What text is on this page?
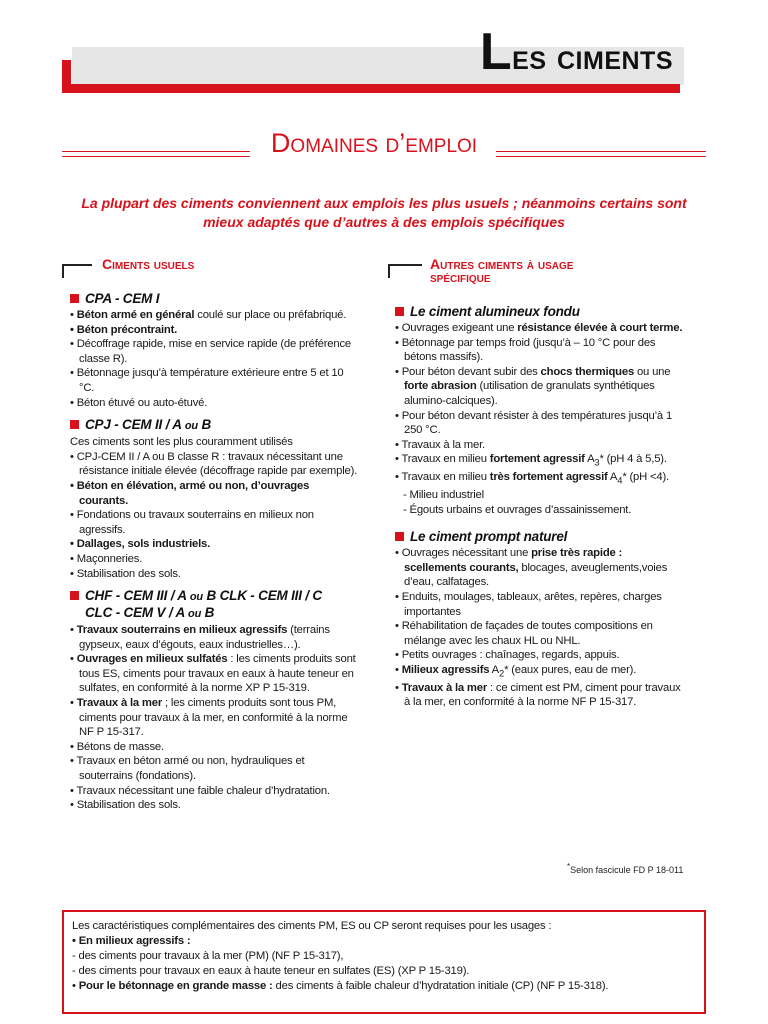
Les ciments
Domaines d’emploi
La plupart des ciments conviennent aux emplois les plus usuels ; néanmoins certains sont mieux adaptés que d’autres à des emplois spécifiques
Ciments usuels	Autres ciments à usage
spécifique
CPA - CEM I
• Béton armé en général coulé sur place ou préfabriqué.
• Béton précontraint.
• Décoffrage rapide, mise en service rapide (de préférence classe R).
• Bétonnage jusqu’à température extérieure entre 5 et 10 °C.
• Béton étuvé ou auto-étuvé.
CPJ - CEM II / A ou B
Ces ciments sont les plus couramment utilisés
• CPJ-CEM II / A ou B classe R : travaux nécessitant une résistance initiale élevée (décoffrage rapide par exemple).
• Béton en élévation, armé ou non, d’ouvrages courants.
• Fondations ou travaux souterrains en milieux non agressifs.
• Dallages, sols industriels.
• Maçonneries.
• Stabilisation des sols.
CHF - CEM III / A ou B CLK - CEM III / C
CLC - CEM V / A ou B
• Travaux souterrains en milieux agressifs (terrains gypseux, eaux d’égouts, eaux industrielles…).
• Ouvrages en milieux sulfatés : les ciments produits sont tous ES, ciments pour travaux en eaux à haute teneur en sulfates, en conformité à la norme XP P 15-319.
• Travaux à la mer ; les ciments produits sont tous PM, ciments pour travaux à la mer, en conformité à la norme NF P 15-317.
• Bétons de masse.
• Travaux en béton armé ou non, hydrauliques et souterrains (fondations).
• Travaux nécessitant une faible chaleur d’hydratation.
• Stabilisation des sols.
Le ciment alumineux fondu
• Ouvrages exigeant une résistance élevée à court terme.
• Bétonnage par temps froid (jusqu’à – 10 °C pour des bétons massifs).
• Pour béton devant subir des chocs thermiques ou une forte abrasion (utilisation de granulats synthétiques alumino-calciques).
• Pour béton devant résister à des températures jusqu’à 1 250 °C.
• Travaux à la mer.
• Travaux en milieu fortement agressif $A_3*$ (pH 4 à 5,5).
• Travaux en milieu très fortement agressif $A_4*$ (pH <4).
- Milieu industriel
- Égouts urbains et ouvrages d’assainissement.
Le ciment prompt naturel
• Ouvrages nécessitant une prise très rapide : scellements courants, blocages, aveuglements,voies d’eau, calfatages.
• Enduits, moulages, tableaux, arêtes, repères, charges importantes
• Réhabilitation de façades de toutes compositions en mélange avec les chaux HL ou NHL.
• Petits ouvrages : chaînages, regards, appuis.
• Milieux agressifs $A_2*$ (eaux pures, eau de mer).
• Travaux à la mer : ce ciment est PM, ciment pour travaux à la mer, en conformité à la norme NF P 15-317.
*Selon fascicule FD P 18-011
Les caractéristiques complémentaires des ciments PM, ES ou CP seront requises pour les usages :
• En milieux agressifs :
- des ciments pour travaux à la mer (PM) (NF P 15-317),
- des ciments pour travaux en eaux à haute teneur en sulfates (ES) (XP P 15-319).
• Pour le bétonnage en grande masse : des ciments à faible chaleur d’hydratation initiale (CP) (NF P 15-318).
